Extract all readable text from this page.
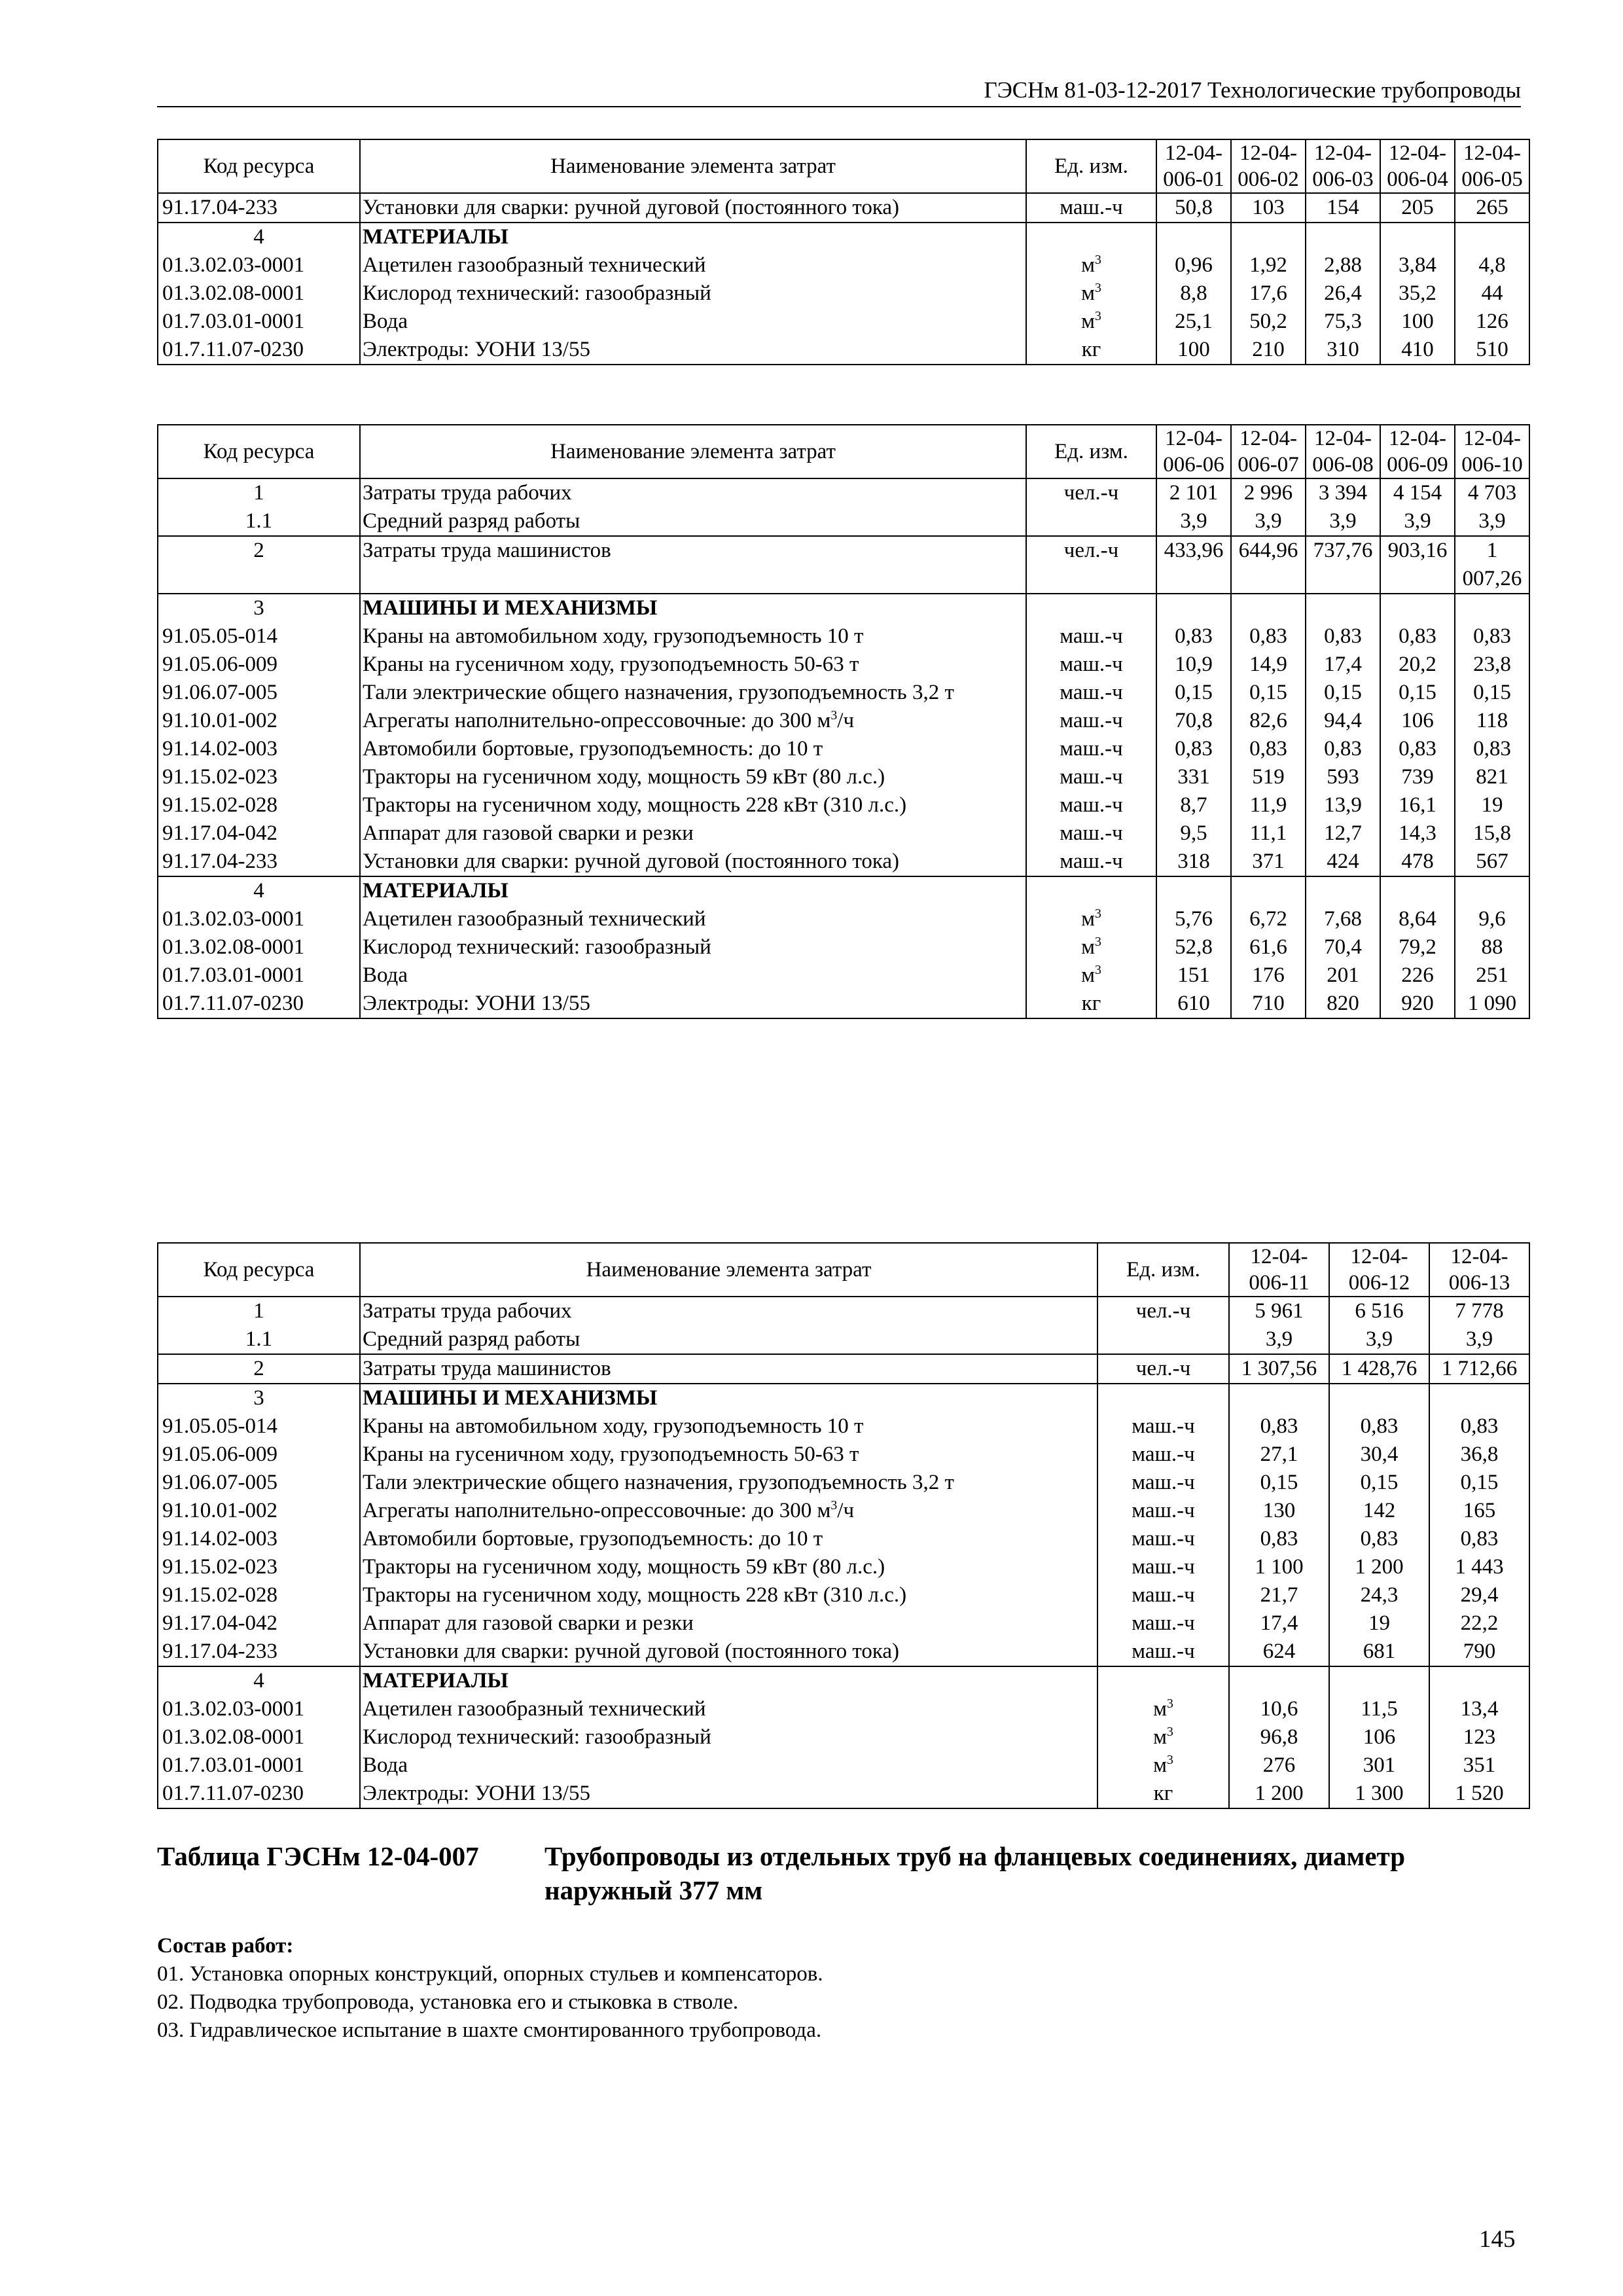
ГЭСНм 81-03-12-2017 Технологические трубопроводы
Код ресурса	Наименование элемента затрат	Ед. изм.	12-04-006-01	12-04-006-02	12-04-006-03	12-04-006-04	12-04-006-05
91.17.04-233	Установки для сварки: ручной дуговой (постоянного тока)	маш.-ч	50,8	103	154	205	265
4	МАТЕРИАЛЫ						
01.3.02.03-0001	Ацетилен газообразный технический	$м^3$	0,96	1,92	2,88	3,84	4,8
01.3.02.08-0001	Кислород технический: газообразный	$м^3$	8,8	17,6	26,4	35,2	44
01.7.03.01-0001	Вода	$м^3$	25,1	50,2	75,3	100	126
01.7.11.07-0230	Электроды: УОНИ 13/55	кг	100	210	310	410	510
Код ресурса	Наименование элемента затрат	Ед. изм.	12-04-006-06	12-04-006-07	12-04-006-08	12-04-006-09	12-04-006-10
1	Затраты труда рабочих	чел.-ч	2 101	2 996	3 394	4 154	4 703
1.1	Средний разряд работы		3,9	3,9	3,9	3,9	3,9
2	Затраты труда машинистов	чел.-ч	433,96	644,96	737,76	903,16	1 007,26
3	МАШИНЫ И МЕХАНИЗМЫ						
91.05.05-014	Краны на автомобильном ходу, грузоподъемность 10 т	маш.-ч	0,83	0,83	0,83	0,83	0,83
91.05.06-009	Краны на гусеничном ходу, грузоподъемность 50-63 т	маш.-ч	10,9	14,9	17,4	20,2	23,8
91.06.07-005	Тали электрические общего назначения, грузоподъемность 3,2 т	маш.-ч	0,15	0,15	0,15	0,15	0,15
91.10.01-002	Агрегаты наполнительно-опрессовочные: до 300 $м^3/ч$	маш.-ч	70,8	82,6	94,4	106	118
91.14.02-003	Автомобили бортовые, грузоподъемность: до 10 т	маш.-ч	0,83	0,83	0,83	0,83	0,83
91.15.02-023	Тракторы на гусеничном ходу, мощность 59 кВт (80 л.с.)	маш.-ч	331	519	593	739	821
91.15.02-028	Тракторы на гусеничном ходу, мощность 228 кВт (310 л.с.)	маш.-ч	8,7	11,9	13,9	16,1	19
91.17.04-042	Аппарат для газовой сварки и резки	маш.-ч	9,5	11,1	12,7	14,3	15,8
91.17.04-233	Установки для сварки: ручной дуговой (постоянного тока)	маш.-ч	318	371	424	478	567
4	МАТЕРИАЛЫ						
01.3.02.03-0001	Ацетилен газообразный технический	$м^3$	5,76	6,72	7,68	8,64	9,6
01.3.02.08-0001	Кислород технический: газообразный	$м^3$	52,8	61,6	70,4	79,2	88
01.7.03.01-0001	Вода	$м^3$	151	176	201	226	251
01.7.11.07-0230	Электроды: УОНИ 13/55	кг	610	710	820	920	1 090
Код ресурса	Наименование элемента затрат	Ед. изм.	12-04-006-11	12-04-006-12	12-04-006-13
1	Затраты труда рабочих	чел.-ч	5 961	6 516	7 778
1.1	Средний разряд работы		3,9	3,9	3,9
2	Затраты труда машинистов	чел.-ч	1 307,56	1 428,76	1 712,66
3	МАШИНЫ И МЕХАНИЗМЫ				
91.05.05-014	Краны на автомобильном ходу, грузоподъемность 10 т	маш.-ч	0,83	0,83	0,83
91.05.06-009	Краны на гусеничном ходу, грузоподъемность 50-63 т	маш.-ч	27,1	30,4	36,8
91.06.07-005	Тали электрические общего назначения, грузоподъемность 3,2 т	маш.-ч	0,15	0,15	0,15
91.10.01-002	Агрегаты наполнительно-опрессовочные: до 300 $м^3/ч$	маш.-ч	130	142	165
91.14.02-003	Автомобили бортовые, грузоподъемность: до 10 т	маш.-ч	0,83	0,83	0,83
91.15.02-023	Тракторы на гусеничном ходу, мощность 59 кВт (80 л.с.)	маш.-ч	1 100	1 200	1 443
91.15.02-028	Тракторы на гусеничном ходу, мощность 228 кВт (310 л.с.)	маш.-ч	21,7	24,3	29,4
91.17.04-042	Аппарат для газовой сварки и резки	маш.-ч	17,4	19	22,2
91.17.04-233	Установки для сварки: ручной дуговой (постоянного тока)	маш.-ч	624	681	790
4	МАТЕРИАЛЫ				
01.3.02.03-0001	Ацетилен газообразный технический	$м^3$	10,6	11,5	13,4
01.3.02.08-0001	Кислород технический: газообразный	$м^3$	96,8	106	123
01.7.03.01-0001	Вода	$м^3$	276	301	351
01.7.11.07-0230	Электроды: УОНИ 13/55	кг	1 200	1 300	1 520
Таблица ГЭСНм 12-04-007 Трубопроводы из отдельных труб на фланцевых соединениях, диаметр наружный 377 мм
Состав работ:
01. Установка опорных конструкций, опорных стульев и компенсаторов.
02. Подводка трубопровода, установка его и стыковка в стволе.
03. Гидравлическое испытание в шахте смонтированного трубопровода.
145
